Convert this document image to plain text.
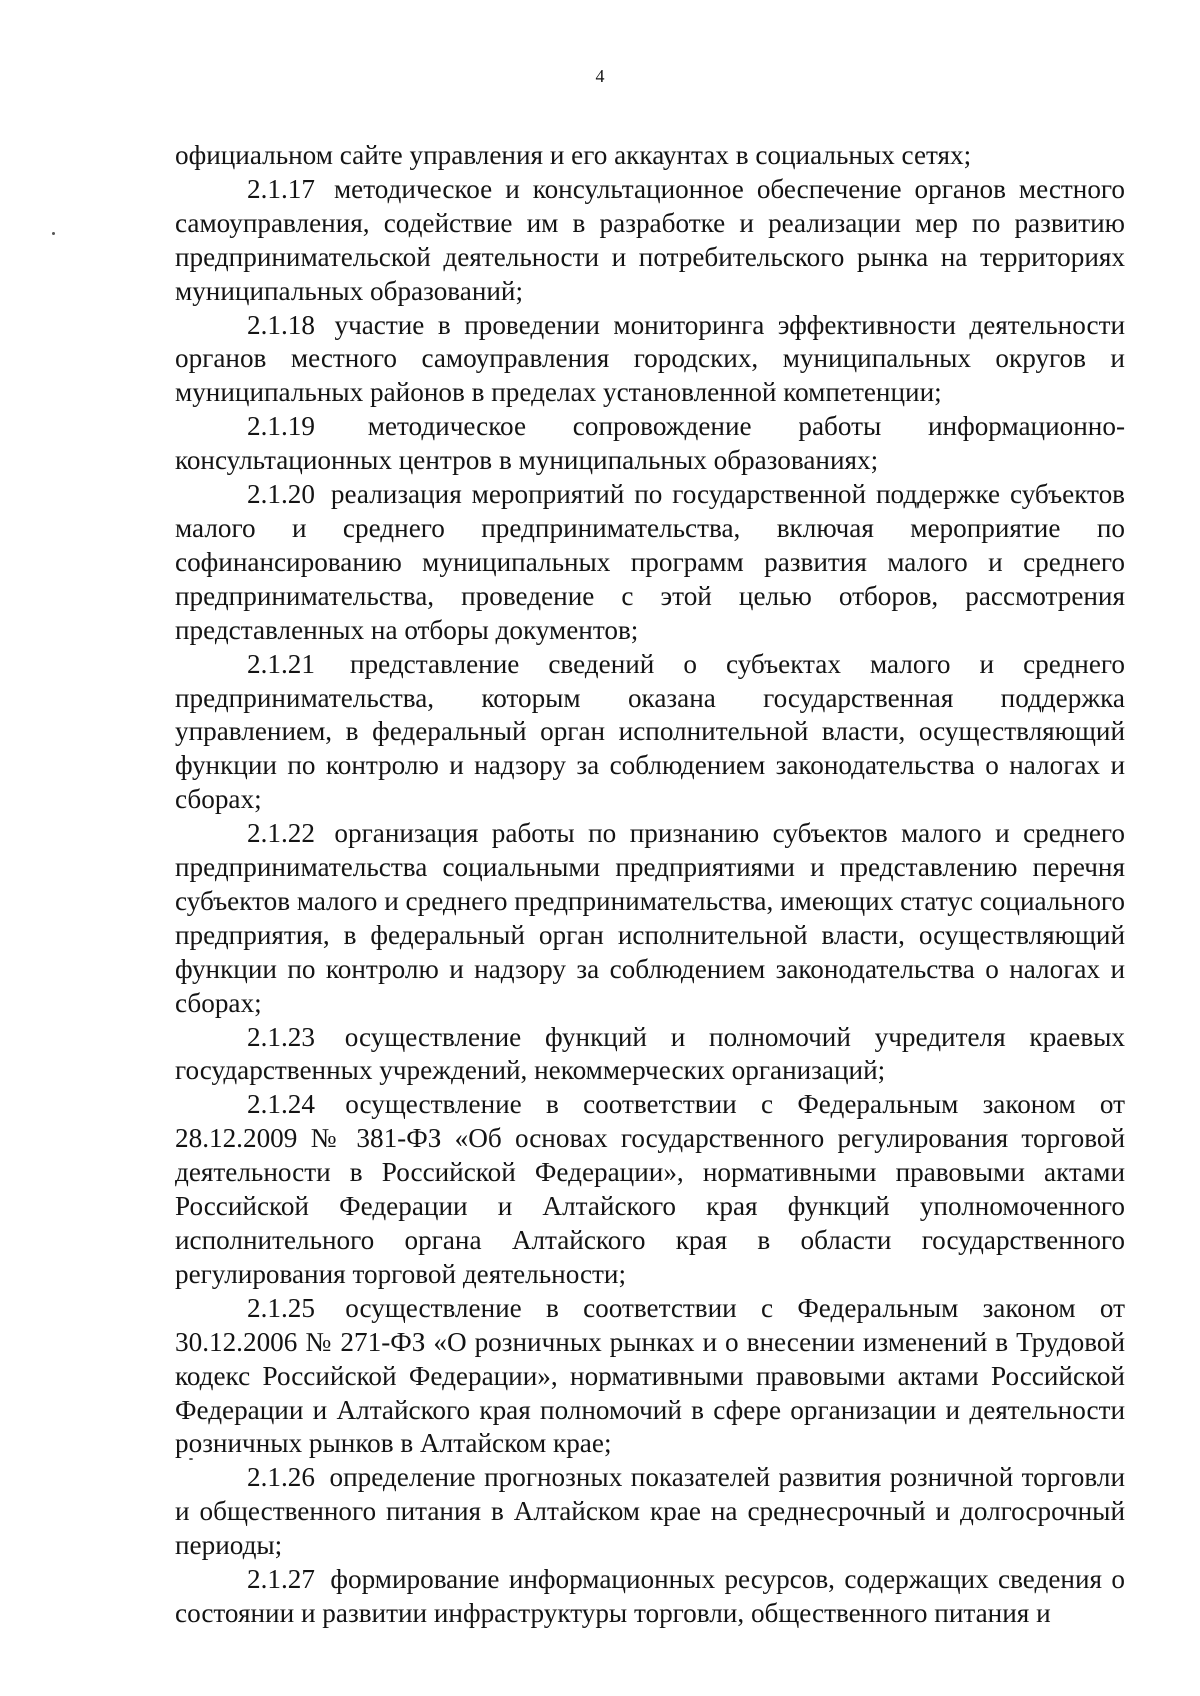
4

официальном сайте управления и его аккаунтах в социальных сетях;

2.1.17 методическое и консультационное обеспечение органов местного самоуправления, содействие им в разработке и реализации мер по развитию предпринимательской деятельности и потребительского рынка на территориях муниципальных образований;

2.1.18 участие в проведении мониторинга эффективности деятельности органов местного самоуправления городских, муниципальных округов и муниципальных районов в пределах установленной компетенции;

2.1.19 методическое сопровождение работы информационно-консультационных центров в муниципальных образованиях;

2.1.20 реализация мероприятий по государственной поддержке субъектов малого и среднего предпринимательства, включая мероприятие по софинансированию муниципальных программ развития малого и среднего предпринимательства, проведение с этой целью отборов, рассмотрения представленных на отборы документов;

2.1.21 представление сведений о субъектах малого и среднего предпринимательства, которым оказана государственная поддержка управлением, в федеральный орган исполнительной власти, осуществляющий функции по контролю и надзору за соблюдением законодательства о налогах и сборах;

2.1.22 организация работы по признанию субъектов малого и среднего предпринимательства социальными предприятиями и представлению перечня субъектов малого и среднего предпринимательства, имеющих статус социального предприятия, в федеральный орган исполнительной власти, осуществляющий функции по контролю и надзору за соблюдением законодательства о налогах и сборах;

2.1.23 осуществление функций и полномочий учредителя краевых государственных учреждений, некоммерческих организаций;

2.1.24 осуществление в соответствии с Федеральным законом от 28.12.2009 № 381-ФЗ «Об основах государственного регулирования торговой деятельности в Российской Федерации», нормативными правовыми актами Российской Федерации и Алтайского края функций уполномоченного исполнительного органа Алтайского края в области государственного регулирования торговой деятельности;

2.1.25 осуществление в соответствии с Федеральным законом от 30.12.2006 № 271-ФЗ «О розничных рынках и о внесении изменений в Трудовой кодекс Российской Федерации», нормативными правовыми актами Российской Федерации и Алтайского края полномочий в сфере организации и деятельности розничных рынков в Алтайском крае;

2.1.26 определение прогнозных показателей развития розничной торговли и общественного питания в Алтайском крае на среднесрочный и долгосрочный периоды;

2.1.27 формирование информационных ресурсов, содержащих сведения о состоянии и развитии инфраструктуры торговли, общественного питания и
